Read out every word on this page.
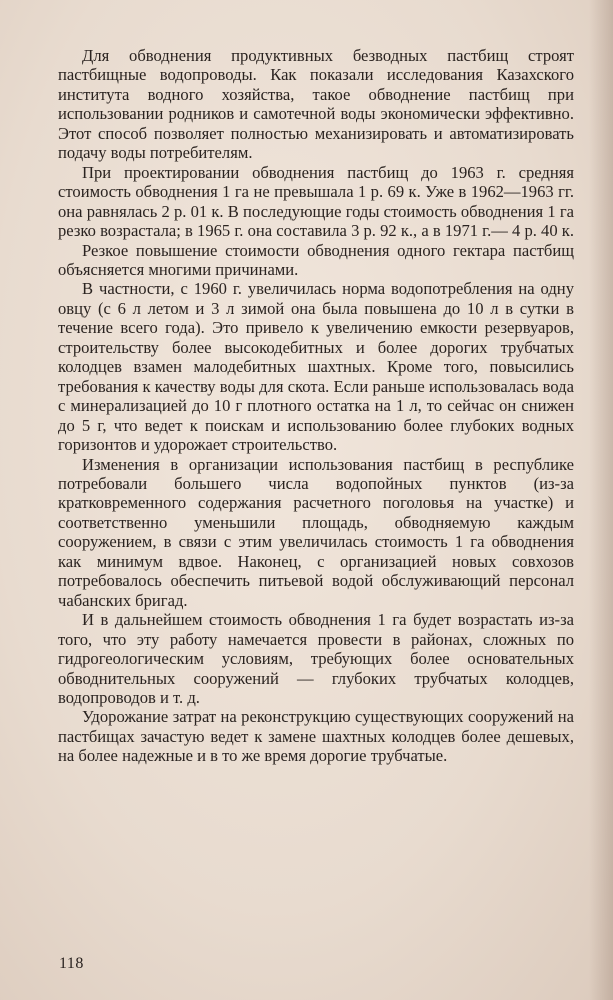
Для обводнения продуктивных безводных пастбищ строят пастбищные водопроводы. Как показали исследования Казахского института водного хозяйства, такое обводнение пастбищ при использовании родников и самотечной воды экономически эффективно. Этот способ позволяет полностью механизировать и автоматизировать подачу воды потребителям.

При проектировании обводнения пастбищ до 1963 г. средняя стоимость обводнения 1 га не превышала 1 р. 69 к. Уже в 1962—1963 гг. она равнялась 2 р. 01 к. В последующие годы стоимость обводнения 1 га резко возрастала; в 1965 г. она составила 3 р. 92 к., а в 1971 г.— 4 р. 40 к.

Резкое повышение стоимости обводнения одного гектара пастбищ объясняется многими причинами.

В частности, с 1960 г. увеличилась норма водопотребления на одну овцу (с 6 л летом и 3 л зимой она была повышена до 10 л в сутки в течение всего года). Это привело к увеличению емкости резервуаров, строительству более высокодебитных и более дорогих трубчатых колодцев взамен малодебитных шахтных. Кроме того, повысились требования к качеству воды для скота. Если раньше использовалась вода с минерализацией до 10 г плотного остатка на 1 л, то сейчас он снижен до 5 г, что ведет к поискам и использованию более глубоких водных горизонтов и удорожает строительство.

Изменения в организации использования пастбищ в республике потребовали большего числа водопойных пунктов (из-за кратковременного содержания расчетного поголовья на участке) и соответственно уменьшили площадь, обводняемую каждым сооружением, в связи с этим увеличилась стоимость 1 га обводнения как минимум вдвое. Наконец, с организацией новых совхозов потребовалось обеспечить питьевой водой обслуживающий персонал чабанских бригад.

И в дальнейшем стоимость обводнения 1 га будет возрастать из-за того, что эту работу намечается провести в районах, сложных по гидрогеологическим условиям, требующих более основательных обводнительных сооружений — глубоких трубчатых колодцев, водопроводов и т. д.

Удорожание затрат на реконструкцию существующих сооружений на пастбищах зачастую ведет к замене шахтных колодцев более дешевых, на более надежные и в то же время дорогие трубчатые.

118
